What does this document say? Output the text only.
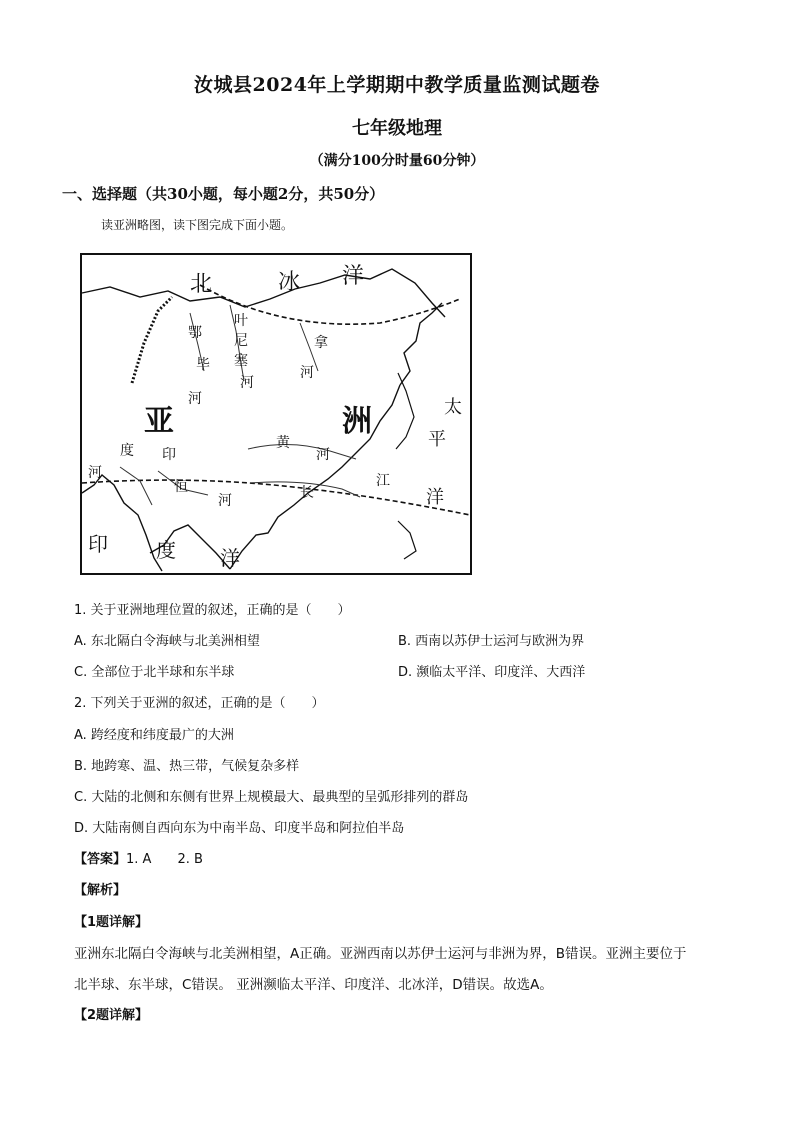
汝城县2024年上学期期中教学质量监测试题卷
七年级地理
（满分100分时量60分钟）
一、选择题（共30小题，每小题2分，共50分）
读亚洲略图，读下图完成下面小题。
北	冰 洋
叶
尼
塞
河
鄂
毕
河
拿
河
亚	洲	太
平
洋
黄
河
度 印
河
恒
河	长
江
印 度 洋
1. 关于亚洲地理位置的叙述，正确的是（　　）
A. 东北隔白令海峡与北美洲相望	B. 西南以苏伊士运河与欧洲为界
C. 全部位于北半球和东半球	D. 濒临太平洋、印度洋、大西洋
2. 下列关于亚洲的叙述，正确的是（　　）
A. 跨经度和纬度最广的大洲
B. 地跨寒、温、热三带，气候复杂多样
C. 大陆的北侧和东侧有世界上规模最大、最典型的呈弧形排列的群岛
D. 大陆南侧自西向东为中南半岛、印度半岛和阿拉伯半岛
【答案】1. A　　2. B
【解析】
【1题详解】
亚洲东北隔白令海峡与北美洲相望，A正确。亚洲西南以苏伊士运河与非洲为界，B错误。亚洲主要位于
北半球、东半球，C错误。 亚洲濒临太平洋、印度洋、北冰洋，D错误。故选A。
【2题详解】
